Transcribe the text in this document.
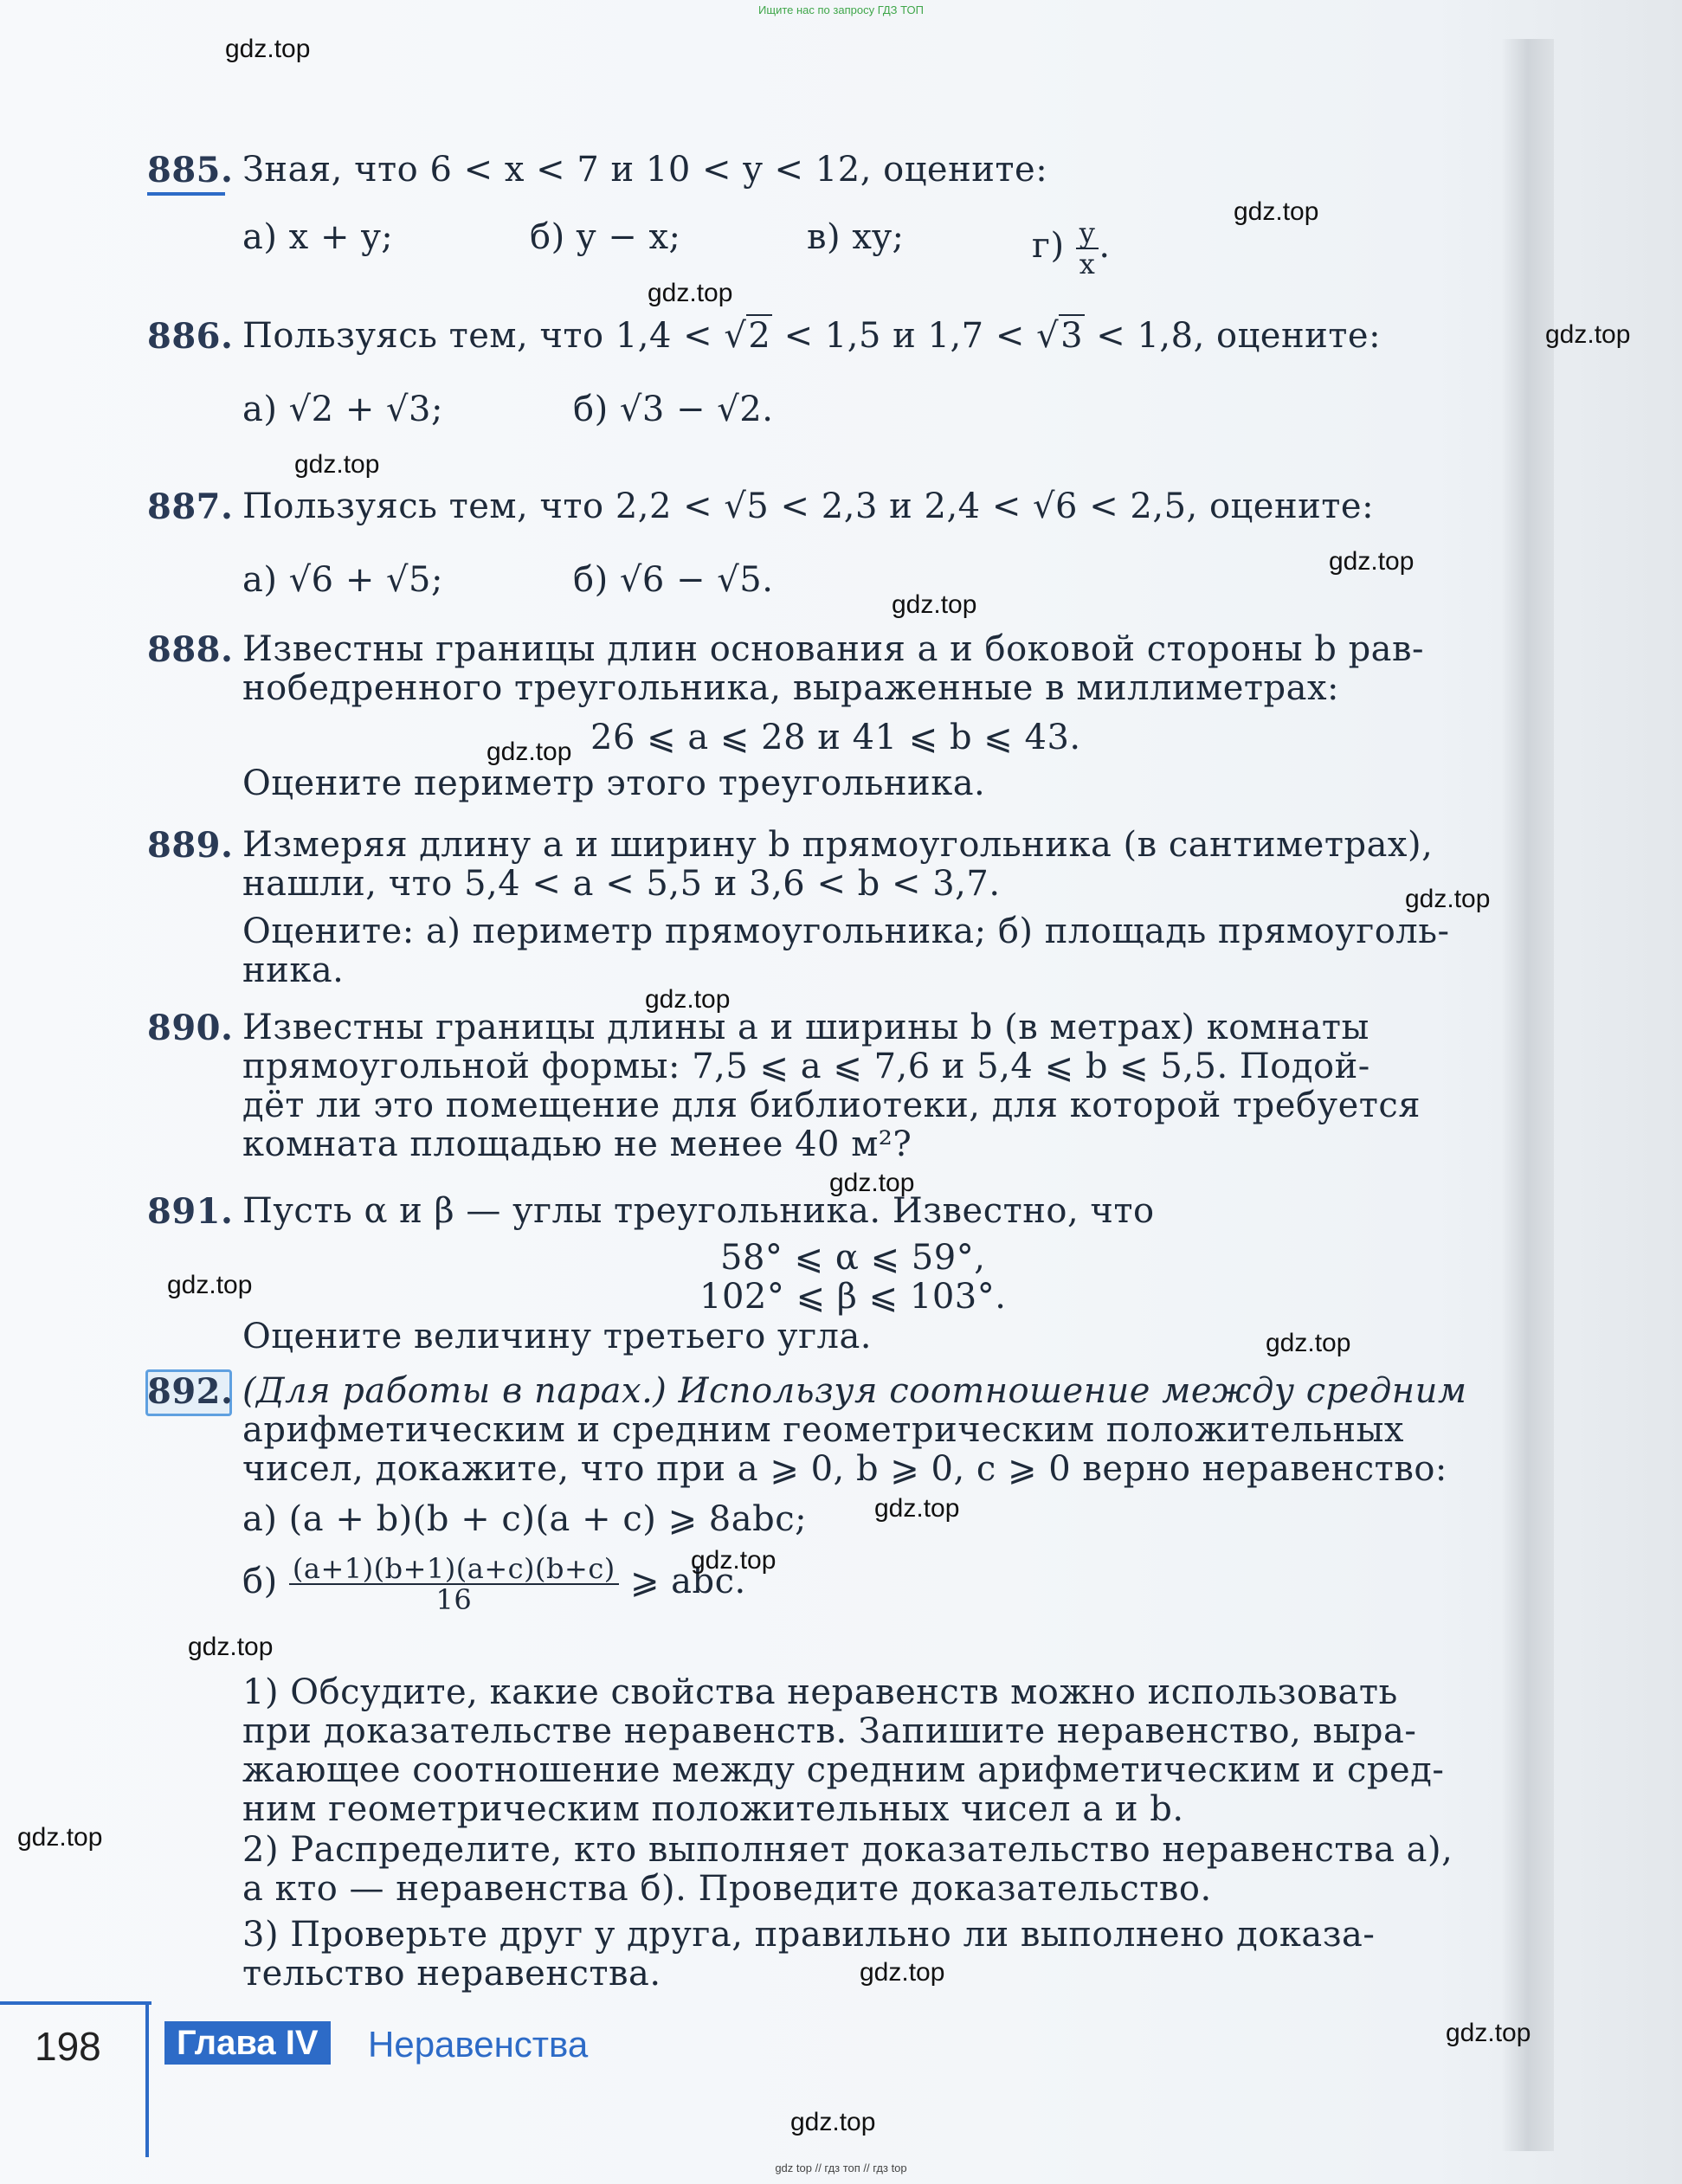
Ищите нас по запросу ГДЗ ТОП
885. Зная, что 6 < x < 7 и 10 < y < 12, оцените:
а) x + y;	б) y − x;	в) xy;	$г) \frac{y}{x}$ .
886. Пользуясь тем, что 1,4 < √2 < 1,5 и 1,7 < √3 < 1,8, оцените:
а) √2 + √3;	б) √3 − √2.
887. Пользуясь тем, что 2,2 < √5 < 2,3 и 2,4 < √6 < 2,5, оцените:
а) √6 + √5;	б) √6 − √5.
888. Известны границы длин основания a и боковой стороны b рав-
нобедренного треугольника, выраженные в миллиметрах:
26 ⩽ a ⩽ 28 и 41 ⩽ b ⩽ 43.
Оцените периметр этого треугольника.
889. Измеряя длину a и ширину b прямоугольника (в сантиметрах),
нашли, что 5,4 < a < 5,5 и 3,6 < b < 3,7.
Оцените: а) периметр прямоугольника; б) площадь прямоуголь-
ника.
890. Известны границы длины a и ширины b (в метрах) комнаты
прямоугольной формы: 7,5 ⩽ a ⩽ 7,6 и 5,4 ⩽ b ⩽ 5,5. Подой-
дёт ли это помещение для библиотеки, для которой требуется
комната площадью не менее 40 м²?
891. Пусть α и β — углы треугольника. Известно, что
58° ⩽ α ⩽ 59°,
102° ⩽ β ⩽ 103°.
Оцените величину третьего угла.
892. (Для работы в парах.) Используя соотношение между средним
арифметическим и средним геометрическим положительных
чисел, докажите, что при a ⩾ 0, b ⩾ 0, c ⩾ 0 верно неравенство:
а) (a + b)(b + c)(a + c) ⩾ 8abc;
$б) \frac{(a+1)(b+1)(a+c)(b+c)}{16}$ ⩾ abc.
1) Обсудите, какие свойства неравенств можно использовать
при доказательстве неравенств. Запишите неравенство, выра-
жающее соотношение между средним арифметическим и сред-
ним геометрическим положительных чисел a и b.
2) Распределите, кто выполняет доказательство неравенства а),
а кто — неравенства б). Проведите доказательство.
3) Проверьте друг у друга, правильно ли выполнено доказа-
тельство неравенства.
198	Глава IV	Неравенства
gdz.top
gdz.top
gdz.top
gdz.top
gdz.top
gdz.top
gdz.top
gdz.top
gdz.top
gdz.top
gdz.top
gdz.top
gdz.top
gdz.top
gdz.top
gdz.top
gdz.top
gdz.top
gdz.top
gdz.top
gdz top // гдз топ // гдз top
